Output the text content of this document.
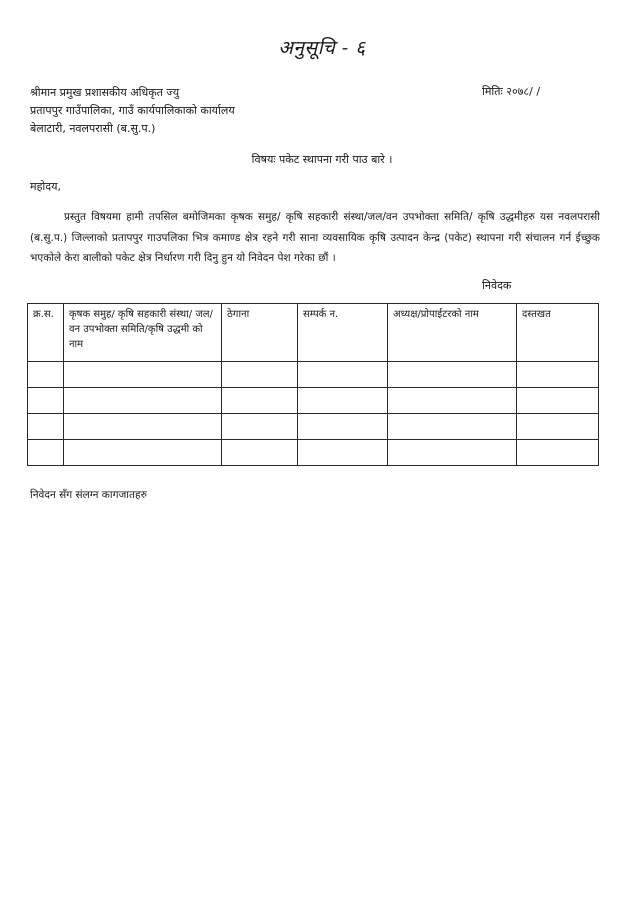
अनुसूचि - ६
श्रीमान प्रमुख प्रशासकीय अधिकृत ज्यु
प्रतापपुर गाउँपालिका, गाउँ कार्यपालिकाको कार्यालय
बेलाटारी, नवलपरासी (ब.सु.प.)
मितिः २०७८/ /
विषयः पकेट स्थापना गरी पाउ बारे ।
महोदय,
प्रस्तुत विषयमा हामी तपसिल बमोजिमका कृषक समुह/ कृषि सहकारी संस्था/जल/वन उपभोक्ता समिति/ कृषि उद्धमीहरु यस नवलपरासी (ब.सु.प.) जिल्लाको प्रतापपुर गाउपलिका भित्र कमाण्ड क्षेत्र रहने गरी साना व्यवसायिक कृषि उत्पादन केन्द्र (पकेट) स्थापना गरी संचालन गर्न ईच्छुक भएकोले केरा बालीको पकेट क्षेत्र निर्धारण गरी दिनु हुन यो निवेदन पेश गरेका छौं ।
निवेदक
क्र.स.	कृषक समुह/ कृषि सहकारी संस्था/ जल/वन उपभोक्ता समिति/कृषि उद्धमी को नाम	ठेगाना	सम्पर्क न.	अध्यक्ष/प्रोपाईटरको नाम	दस्तखत

निवेदन सँग संलग्न कागजातहरु
